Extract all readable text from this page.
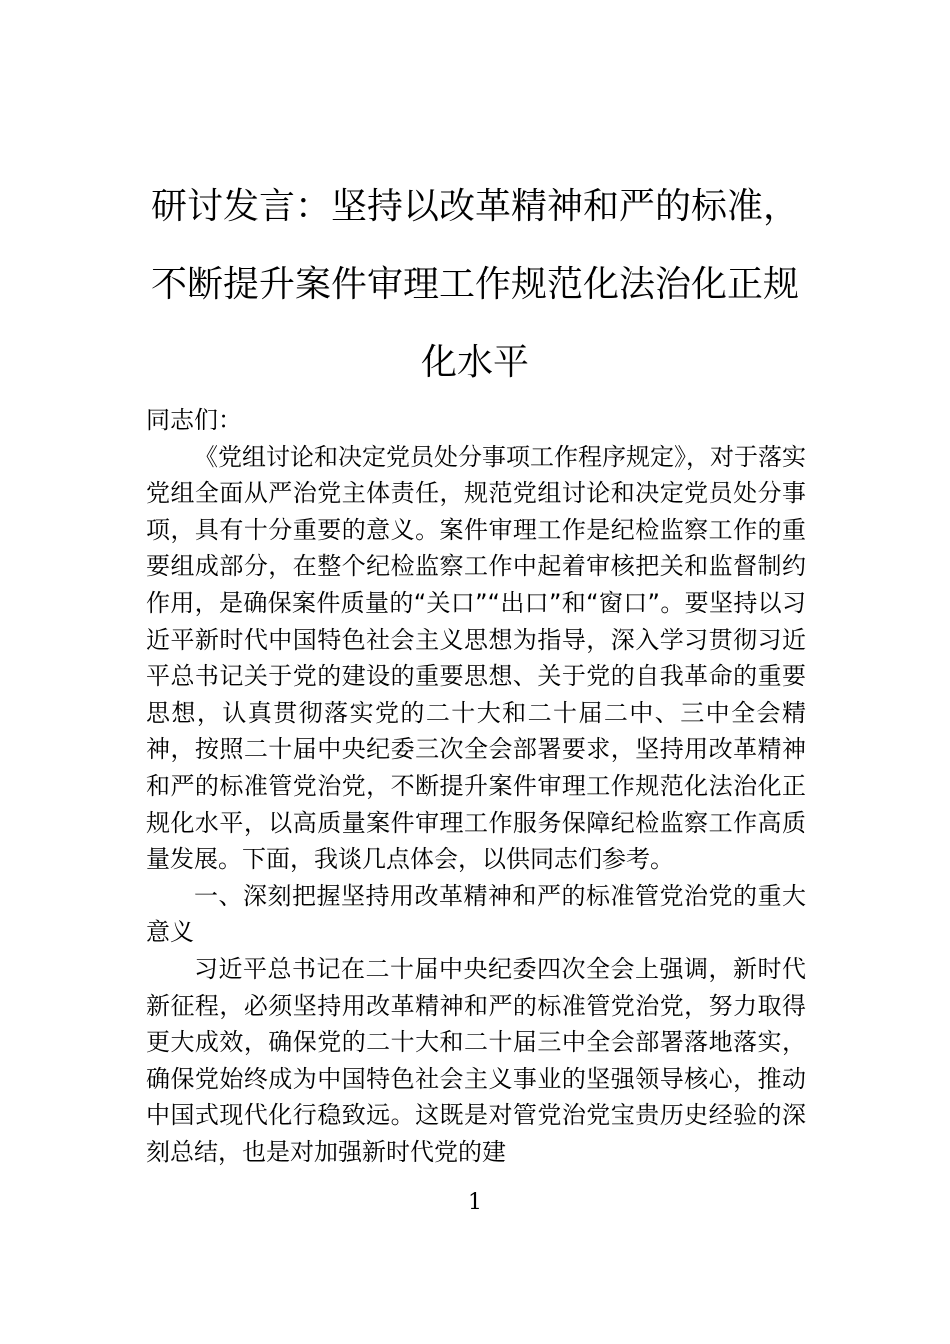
研讨发言：坚持以改革精神和严的标准，
不断提升案件审理工作规范化法治化正规
化水平

同志们：

《党组讨论和决定党员处分事项工作程序规定》，对于落实党组全面从严治党主体责任，规范党组讨论和决定党员处分事项，具有十分重要的意义。案件审理工作是纪检监察工作的重要组成部分，在整个纪检监察工作中起着审核把关和监督制约作用，是确保案件质量的“关口”“出口”和“窗口”。要坚持以习近平新时代中国特色社会主义思想为指导，深入学习贯彻习近平总书记关于党的建设的重要思想、关于党的自我革命的重要思想，认真贯彻落实党的二十大和二十届二中、三中全会精神，按照二十届中央纪委三次全会部署要求，坚持用改革精神和严的标准管党治党，不断提升案件审理工作规范化法治化正规化水平，以高质量案件审理工作服务保障纪检监察工作高质量发展。下面，我谈几点体会，以供同志们参考。

一、深刻把握坚持用改革精神和严的标准管党治党的重大意义

习近平总书记在二十届中央纪委四次全会上强调，新时代新征程，必须坚持用改革精神和严的标准管党治党，努力取得更大成效，确保党的二十大和二十届三中全会部署落地落实，确保党始终成为中国特色社会主义事业的坚强领导核心，推动中国式现代化行稳致远。这既是对管党治党宝贵历史经验的深刻总结，也是对加强新时代党的建

1
